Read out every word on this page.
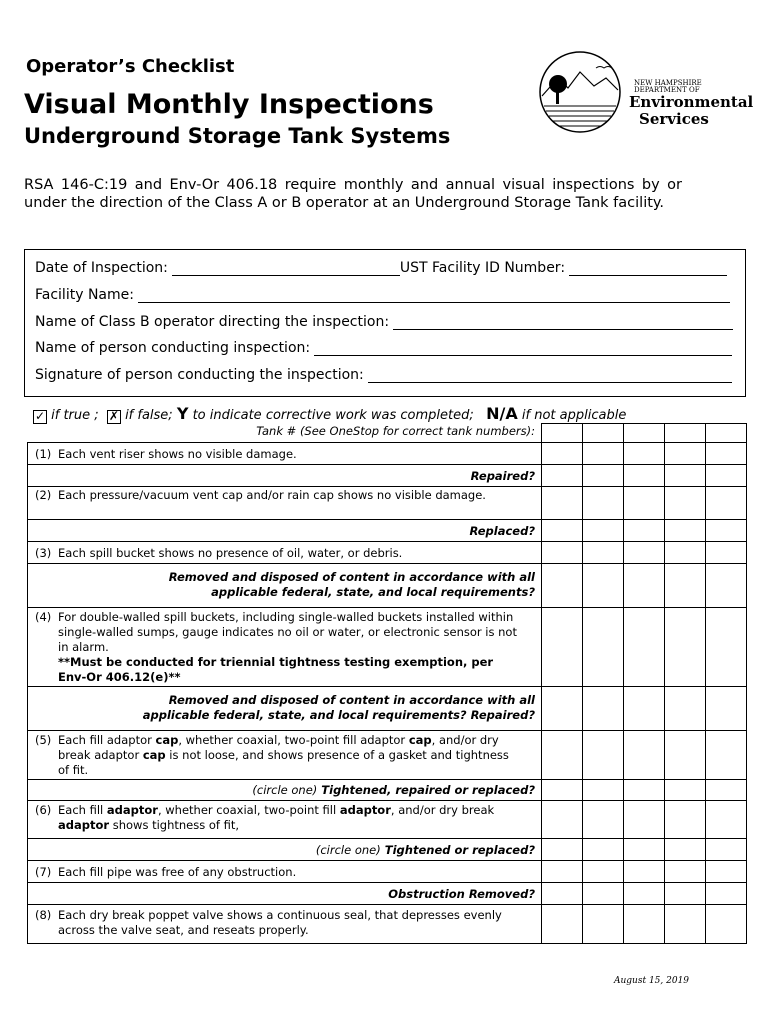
Operator’s Checklist
Visual Monthly Inspections
Underground Storage Tank Systems
NEW HAMPSHIRE
DEPARTMENT OF
Environmental
Services
RSA 146-C:19 and Env-Or 406.18 require monthly and annual visual inspections by or under the direction of the Class A or B operator at an Underground Storage Tank facility.
Date of Inspection:	UST Facility ID Number:
Facility Name:
Name of Class B operator directing the inspection:
Name of person conducting inspection:
Signature of person conducting the inspection:
✓ if true ; ✗ if false; Y to indicate corrective work was completed; N/A if not applicable
Tank # (See OneStop for correct tank numbers):					
(1) Each vent riser shows no visible damage.					
Repaired?					
(2) Each pressure/vacuum vent cap and/or rain cap shows no visible damage.					
Replaced?					
(3) Each spill bucket shows no presence of oil, water, or debris.					

Removed and disposed of content in accordance with all
applicable federal, state, and local requirements?					

(4) For double-walled spill buckets, including single-walled buckets installed within single-walled sumps, gauge indicates no oil or water, or electronic sensor is not in alarm.
**Must be conducted for triennial tightness testing exemption, per Env-Or 406.12(e)**					

Removed and disposed of content in accordance with all
applicable federal, state, and local requirements? Repaired?					

(5) Each fill adaptor cap, whether coaxial, two-point fill adaptor cap, and/or dry break adaptor cap is not loose, and shows presence of a gasket and tightness of fit.					
(circle one) Tightened, repaired or replaced?					
(6) Each fill adaptor, whether coaxial, two-point fill adaptor, and/or dry break adaptor shows tightness of fit,					
(circle one) Tightened or replaced?					
(7) Each fill pipe was free of any obstruction.					
Obstruction Removed?					
(8) Each dry break poppet valve shows a continuous seal, that depresses evenly across the valve seat, and reseats properly.					
August 15, 2019
